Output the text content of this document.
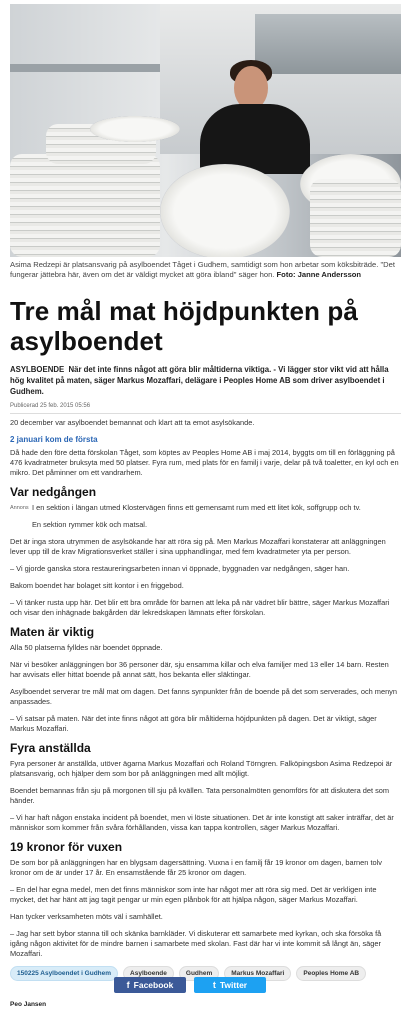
Asima Redzepi är platsansvarig på asylboendet Tåget i Gudhem, samtidigt som hon arbetar som köksbiträde. "Det fungerar jättebra här, även om det är väldigt mycket att göra ibland" säger hon. Foto: Janne Andersson
Tre mål mat höjdpunkten på asylboendet
ASYLBOENDE När det inte finns något att göra blir måltiderna viktiga. - Vi lägger stor vikt vid att hålla hög kvalitet på maten, säger Markus Mozaffari, delägare i Peoples Home AB som driver asylboendet i Gudhem.
Publicerad 25 feb. 2015 05:56

20 december var asylboendet bemannat och klart att ta emot asylsökande.

2 januari kom de första

Då hade den före detta förskolan Tåget, som köptes av Peoples Home AB i maj 2014, byggts om till en förläggning på 476 kvadratmeter bruksyta med 50 platser. Fyra rum, med plats för en familj i varje, delar på två toaletter, en kyl och en mikro. Det påminner om ett vandrarhem.

Var nedgången
Annons I en sektion i längan utmed Klostervägen finns ett gemensamt rum med ett litet kök, soffgrupp och tv.

En sektion rymmer kök och matsal.

Det är inga stora utrymmen de asylsökande har att röra sig på. Men Markus Mozaffari konstaterar att anläggningen lever upp till de krav Migrationsverket ställer i sina upphandlingar, med fem kvadratmeter yta per person.

– Vi gjorde ganska stora restaureringsarbeten innan vi öppnade, byggnaden var nedgången, säger han.

Bakom boendet har bolaget sitt kontor i en friggebod.

– Vi tänker rusta upp här. Det blir ett bra område för barnen att leka på när vädret blir bättre, säger Markus Mozaffari och visar den inhägnade bakgården där lekredskapen lämnats efter förskolan.

Maten är viktig

Alla 50 platserna fylldes när boendet öppnade.

När vi besöker anläggningen bor 36 personer där, sju ensamma killar och elva familjer med 13 eller 14 barn. Resten har avvisats eller hittat boende på annat sätt, hos bekanta eller släktingar.

Asylboendet serverar tre mål mat om dagen. Det fanns synpunkter från de boende på det som serverades, och menyn anpassades.

– Vi satsar på maten. När det inte finns något att göra blir måltiderna höjdpunkten på dagen. Det är viktigt, säger Markus Mozaffari.

Fyra anställda

Fyra personer är anställda, utöver ägarna Markus Mozaffari och Roland Törngren. Falköpingsbon Asima Redzepoi är platsansvarig, och hjälper dem som bor på anläggningen med allt möjligt.

Boendet bemannas från sju på morgonen till sju på kvällen. Tata personalmöten genomförs för att diskutera det som händer.

– Vi har haft någon enstaka incident på boendet, men vi löste situationen. Det är inte konstigt att saker inträffar, det är människor som kommer från svåra förhållanden, vissa kan tappa kontrollen, säger Markus Mozaffari.

19 kronor för vuxen

De som bor på anläggningen har en blygsam dagersättning. Vuxna i en familj får 19 kronor om dagen, barnen tolv kronor om de är under 17 år. En ensamstående får 25 kronor om dagen.

– En del har egna medel, men det finns människor som inte har något mer att röra sig med. Det är verkligen inte mycket, det har hänt att jag tagit pengar ur min egen plånbok för att hjälpa någon, säger Markus Mozaffari.

Han tycker verksamheten möts väl i samhället.

– Jag har sett bybor stanna till och skänka barnkläder. Vi diskuterar ett samarbete med kyrkan, och ska försöka få igång någon aktivitet för de mindre barnen i samarbete med skolan. Fast där har vi inte kommit så långt än, säger Mozaffari.

150225 Asylboendet i Gudhem	Asylboende	Gudhem	Markus Mozaffari	Peoples Home AB
f Facebook	t Twitter
Peo Jansen
